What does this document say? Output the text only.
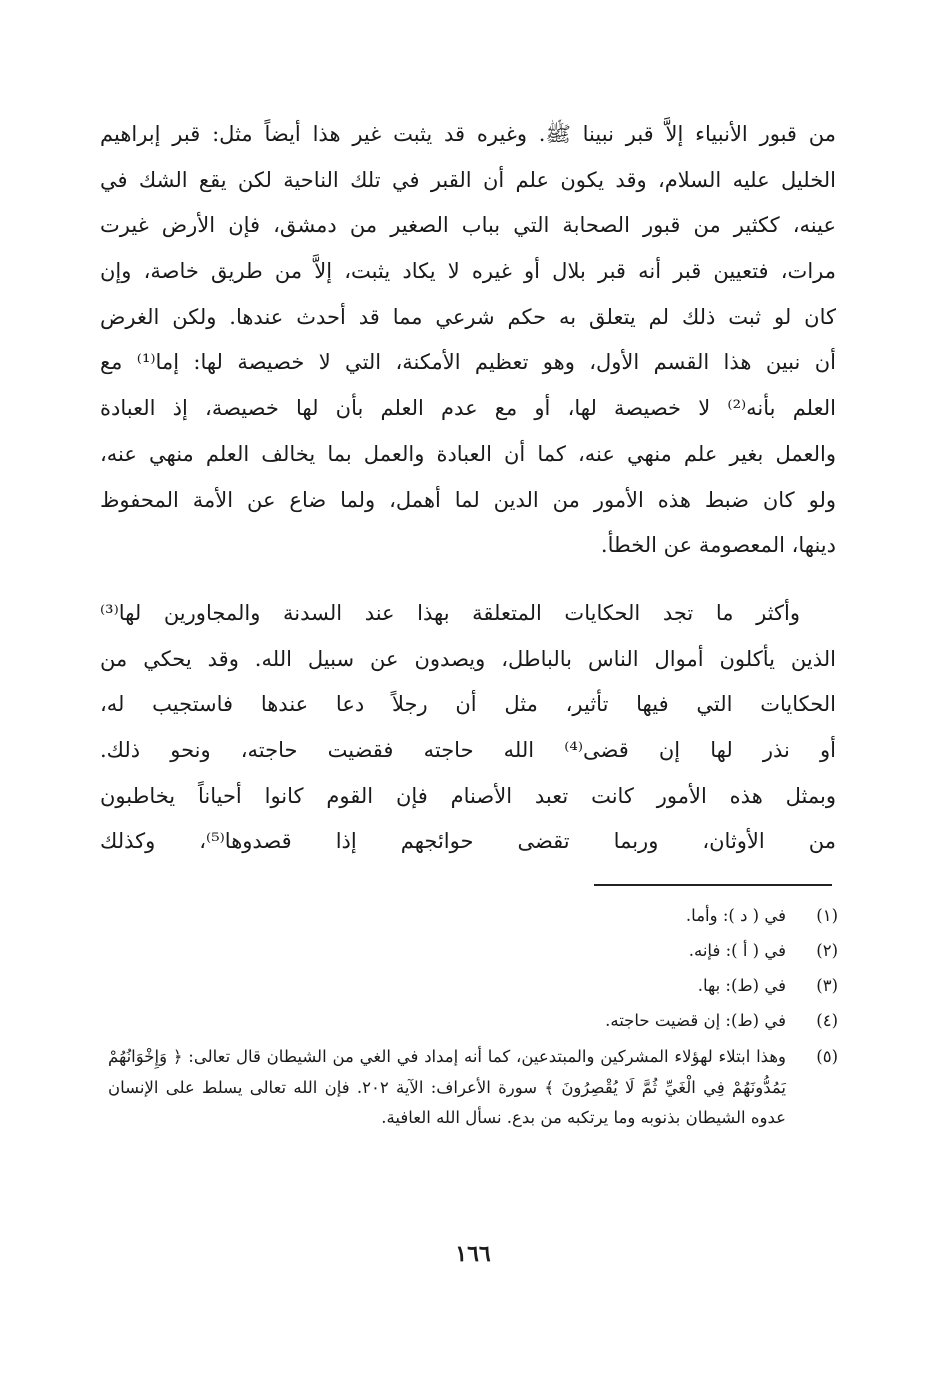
من قبور الأنبياء إلاَّ قبر نبينا ﷺ. وغيره قد يثبت غير هذا أيضاً مثل: قبر إبراهيم
الخليل عليه السلام، وقد يكون علم أن القبر في تلك الناحية لكن يقع الشك في
عينه، ككثير من قبور الصحابة التي بباب الصغير من دمشق، فإن الأرض غيرت
مرات، فتعيين قبر أنه قبر بلال أو غيره لا يكاد يثبت، إلاَّ من طريق خاصة، وإن
كان لو ثبت ذلك لم يتعلق به حكم شرعي مما قد أحدث عندها. ولكن الغرض
أن نبين هذا القسم الأول، وهو تعظيم الأمكنة، التي لا خصيصة لها: إما⁽¹⁾ مع
العلم بأنه⁽²⁾ لا خصيصة لها، أو مع عدم العلم بأن لها خصيصة، إذ العبادة
والعمل بغير علم منهي عنه، كما أن العبادة والعمل بما يخالف العلم منهي عنه،
ولو كان ضبط هذه الأمور من الدين لما أهمل، ولما ضاع عن الأمة المحفوظ
دينها، المعصومة عن الخطأ.
وأكثر ما تجد الحكايات المتعلقة بهذا عند السدنة والمجاورين لها⁽³⁾
الذين يأكلون أموال الناس بالباطل، ويصدون عن سبيل الله. وقد يحكي من
الحكايات التي فيها تأثير، مثل أن رجلاً دعا عندها فاستجيب له،
أو نذر لها إن قضى⁽⁴⁾ الله حاجته فقضيت حاجته، ونحو ذلك.
وبمثل هذه الأمور كانت تعبد الأصنام فإن القوم كانوا أحياناً يخاطبون
من الأوثان، وربما تقضى حوائجهم إذا قصدوها⁽⁵⁾، وكذلك
(١)
في ( د ): وأما.
(٢)
في ( أ ): فإنه.
(٣)
في (ط): بها.
(٤)
في (ط): إن قضيت حاجته.
(٥)
وهذا ابتلاء لهؤلاء المشركين والمبتدعين، كما أنه إمداد في الغي من الشيطان قال تعالى: ﴿ وَإِخْوَانُهُمْ يَمُدُّونَهُمْ فِي الْغَيِّ ثُمَّ لَا يُقْصِرُونَ ﴾ سورة الأعراف: الآية ٢٠٢. فإن الله تعالى يسلط على الإنسان عدوه الشيطان بذنوبه وما يرتكبه من بدع. نسأل الله العافية.
١٦٦
